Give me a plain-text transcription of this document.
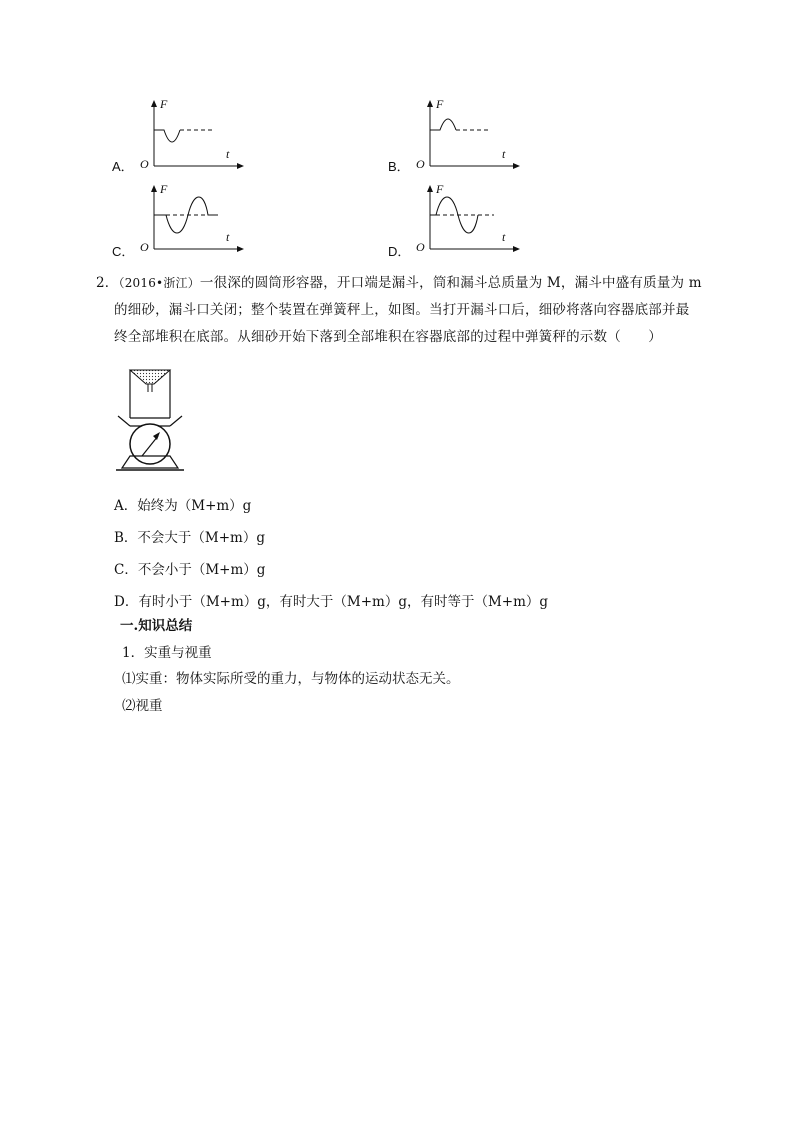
A．
F
t
O	B．
F
t
O
C．
F
t
O	D．
F
t
O
2．（2016•浙江）一很深的圆筒形容器，开口端是漏斗，筒和漏斗总质量为 M，漏斗中盛有质量为 m
的细砂，漏斗口关闭；整个装置在弹簧秤上，如图。当打开漏斗口后，细砂将落向容器底部并最
终全部堆积在底部。从细砂开始下落到全部堆积在容器底部的过程中弹簧秤的示数（　　）
A．始终为（M+m）g
B．不会大于（M+m）g
C．不会小于（M+m）g
D．有时小于（M+m）g，有时大于（M+m）g，有时等于（M+m）g
一.知识总结
1．实重与视重
⑴实重：物体实际所受的重力，与物体的运动状态无关。
⑵视重
